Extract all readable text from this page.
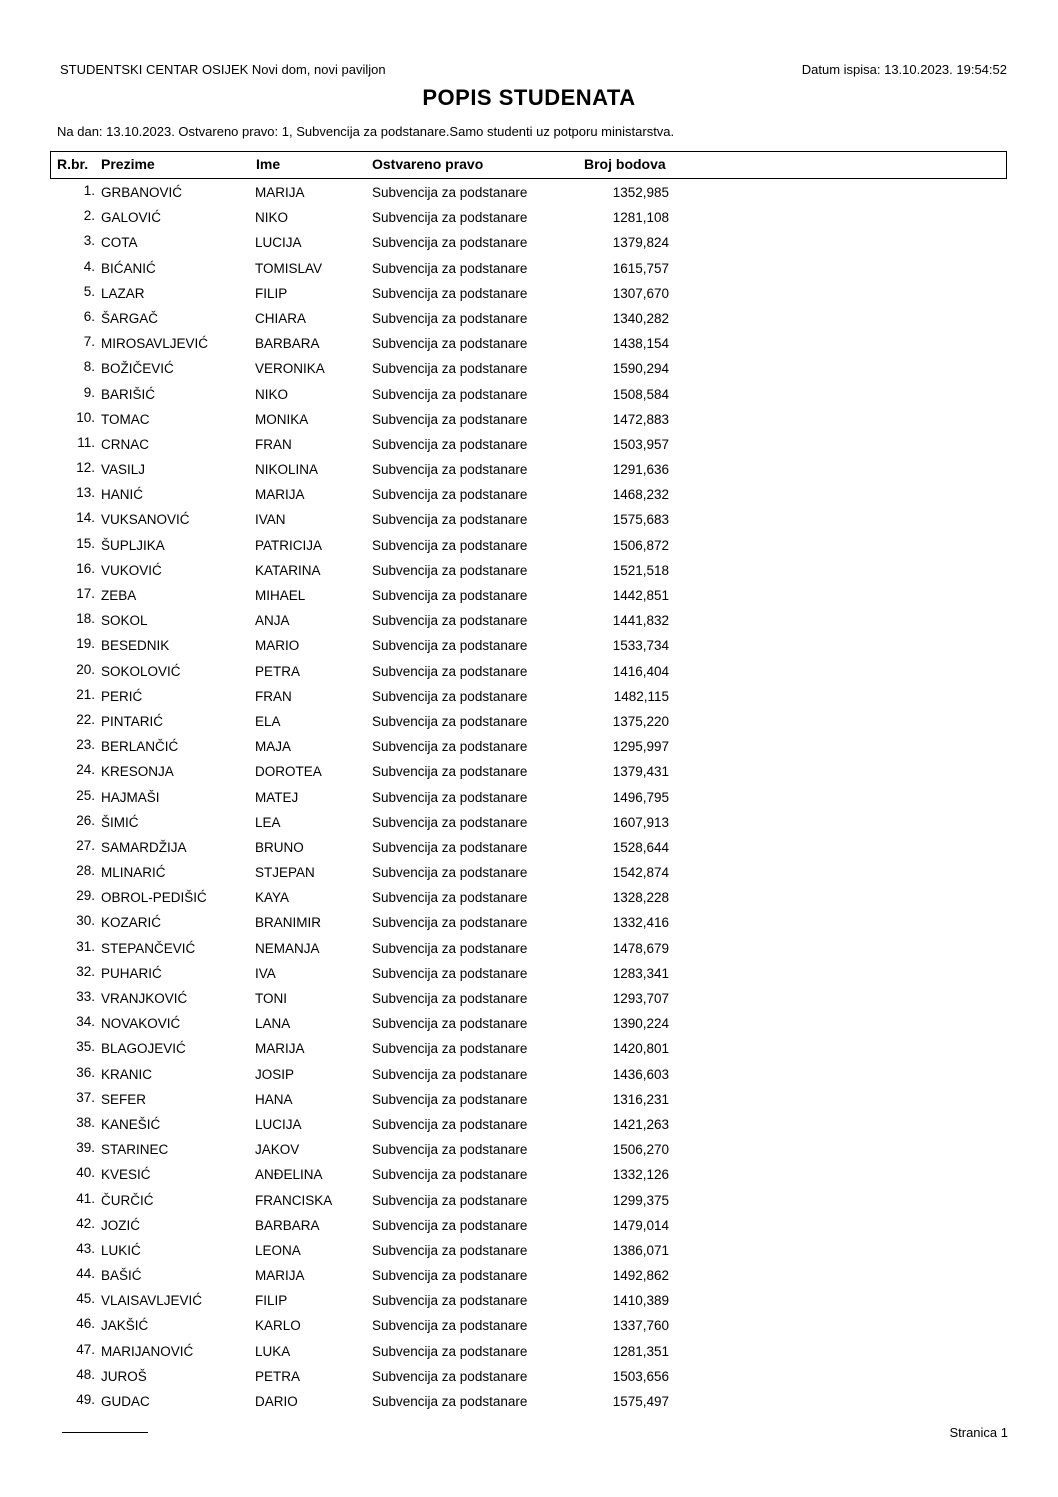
STUDENTSKI CENTAR OSIJEK Novi dom, novi paviljon	Datum ispisa: 13.10.2023. 19:54:52
POPIS STUDENATA
Na dan: 13.10.2023. Ostvareno pravo: 1, Subvencija za podstanare.Samo studenti uz potporu ministarstva.
R.br. Prezime	Ime	Ostvareno pravo	Broj bodova
1. GRBANOVIĆ	MARIJA	Subvencija za podstanare	1352,985
2. GALOVIĆ	NIKO	Subvencija za podstanare	1281,108
3. COTA	LUCIJA	Subvencija za podstanare	1379,824
4. BIĆANIĆ	TOMISLAV	Subvencija za podstanare	1615,757
5. LAZAR	FILIP	Subvencija za podstanare	1307,670
6. ŠARGAČ	CHIARA	Subvencija za podstanare	1340,282
7. MIROSAVLJEVIĆ	BARBARA	Subvencija za podstanare	1438,154
8. BOŽIČEVIĆ	VERONIKA	Subvencija za podstanare	1590,294
9. BARIŠIĆ	NIKO	Subvencija za podstanare	1508,584
10. TOMAC	MONIKA	Subvencija za podstanare	1472,883
11. CRNAC	FRAN	Subvencija za podstanare	1503,957
12. VASILJ	NIKOLINA	Subvencija za podstanare	1291,636
13. HANIĆ	MARIJA	Subvencija za podstanare	1468,232
14. VUKSANOVIĆ	IVAN	Subvencija za podstanare	1575,683
15. ŠUPLJIKA	PATRICIJA	Subvencija za podstanare	1506,872
16. VUKOVIĆ	KATARINA	Subvencija za podstanare	1521,518
17. ZEBA	MIHAEL	Subvencija za podstanare	1442,851
18. SOKOL	ANJA	Subvencija za podstanare	1441,832
19. BESEDNIK	MARIO	Subvencija za podstanare	1533,734
20. SOKOLOVIĆ	PETRA	Subvencija za podstanare	1416,404
21. PERIĆ	FRAN	Subvencija za podstanare	1482,115
22. PINTARIĆ	ELA	Subvencija za podstanare	1375,220
23. BERLANČIĆ	MAJA	Subvencija za podstanare	1295,997
24. KRESONJA	DOROTEA	Subvencija za podstanare	1379,431
25. HAJMAŠI	MATEJ	Subvencija za podstanare	1496,795
26. ŠIMIĆ	LEA	Subvencija za podstanare	1607,913
27. SAMARDŽIJA	BRUNO	Subvencija za podstanare	1528,644
28. MLINARIĆ	STJEPAN	Subvencija za podstanare	1542,874
29. OBROL-PEDIŠIĆ	KAYA	Subvencija za podstanare	1328,228
30. KOZARIĆ	BRANIMIR	Subvencija za podstanare	1332,416
31. STEPANČEVIĆ	NEMANJA	Subvencija za podstanare	1478,679
32. PUHARIĆ	IVA	Subvencija za podstanare	1283,341
33. VRANJKOVIĆ	TONI	Subvencija za podstanare	1293,707
34. NOVAKOVIĆ	LANA	Subvencija za podstanare	1390,224
35. BLAGOJEVIĆ	MARIJA	Subvencija za podstanare	1420,801
36. KRANIC	JOSIP	Subvencija za podstanare	1436,603
37. SEFER	HANA	Subvencija za podstanare	1316,231
38. KANEŠIĆ	LUCIJA	Subvencija za podstanare	1421,263
39. STARINEC	JAKOV	Subvencija za podstanare	1506,270
40. KVESIĆ	ANĐELINA	Subvencija za podstanare	1332,126
41. ČURČIĆ	FRANCISKA	Subvencija za podstanare	1299,375
42. JOZIĆ	BARBARA	Subvencija za podstanare	1479,014
43. LUKIĆ	LEONA	Subvencija za podstanare	1386,071
44. BAŠIĆ	MARIJA	Subvencija za podstanare	1492,862
45. VLAISAVLJEVIĆ	FILIP	Subvencija za podstanare	1410,389
46. JAKŠIĆ	KARLO	Subvencija za podstanare	1337,760
47. MARIJANOVIĆ	LUKA	Subvencija za podstanare	1281,351
48. JUROŠ	PETRA	Subvencija za podstanare	1503,656
49. GUDAC	DARIO	Subvencija za podstanare	1575,497
Stranica 1
